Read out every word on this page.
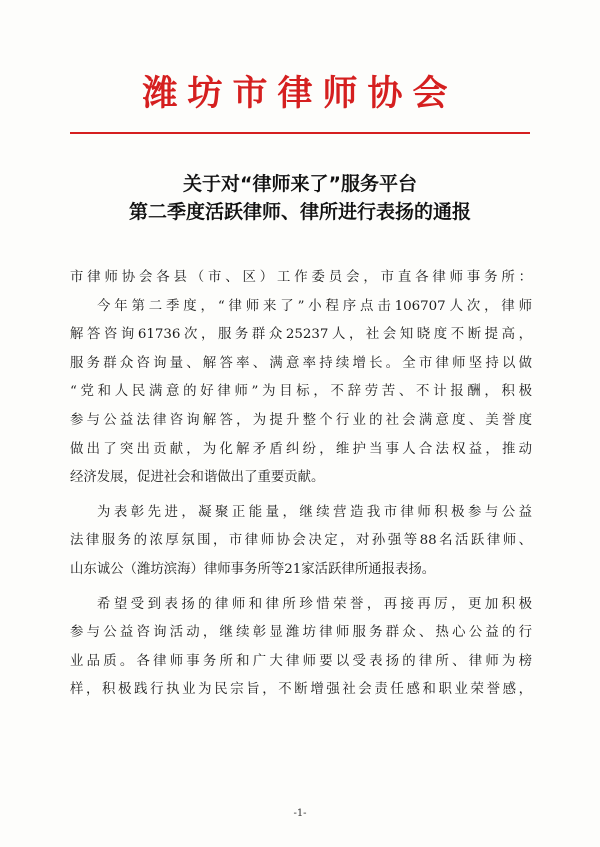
潍坊市律师协会
关于对“律师来了”服务平台
第二季度活跃律师、律所进行表扬的通报

市律师协会各县（市、区）工作委员会，市直各律师事务所：

今年第二季度，“律师来了”小程序点击106707人次，律师
解答咨询61736次，服务群众25237人，社会知晓度不断提高，
服务群众咨询量、解答率、满意率持续增长。全市律师坚持以做
“党和人民满意的好律师”为目标，不辞劳苦、不计报酬，积极
参与公益法律咨询解答，为提升整个行业的社会满意度、美誉度
做出了突出贡献，为化解矛盾纠纷，维护当事人合法权益，推动
经济发展，促进社会和谐做出了重要贡献。

为表彰先进，凝聚正能量，继续营造我市律师积极参与公益
法律服务的浓厚氛围，市律师协会决定，对孙强等88名活跃律师、
山东诚公（潍坊滨海）律师事务所等21家活跃律所通报表扬。

希望受到表扬的律师和律所珍惜荣誉，再接再厉，更加积极
参与公益咨询活动，继续彰显潍坊律师服务群众、热心公益的行
业品质。各律师事务所和广大律师要以受表扬的律所、律师为榜
样，积极践行执业为民宗旨，不断增强社会责任感和职业荣誉感，

-1-
